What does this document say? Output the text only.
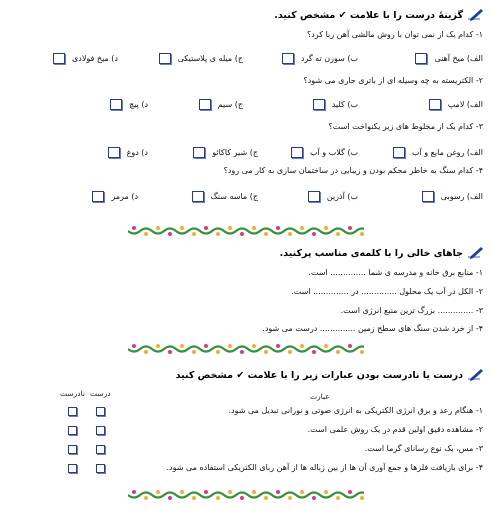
گزینهٔ درست را با علامت ✔ مشخص کنید.
۱- کدام یک از نمی توان با روش مالشی آهن ربا کرد؟
الف) میخ آهنی
ب) سوزن ته گرد
ج) میله ی پلاستیکی
د) میخ فولادی
۲- الکتریسته به چه وسیله ای از باتری جاری می شود؟
الف) لامپ
ب) کلید
ج) سیم
د) پیچ
۳- کدام یک از مخلوط های زیر یکنواخت است؟
الف) روغن مایع و آب
ب) گلاب و آب
ج) شیر کاکائو
د) دوغ
۴- کدام سنگ به خاطر محکم بودن و زیبایی در ساختمان سازی به کار می رود؟
الف) رسوبی
ب) آذرین
ج) ماسه سنگ
د) مرمر
جاهای خالی را با کلمه‌ی مناسب پرکنید.
۱- منابع برق خانه و مدرسه ی شما .............. است.
۲- الکل در آب یک محلول .............. در .............. است.
۳- .............. بزرگ ترین منبع انرژی است.
۴- از خرد شدن سنگ های سطح زمین .............. درست می شود.
درست یا نادرست بودن عبارات زیر را با علامت ✔ مشخص کنید
درست
نادرست	عبارت
۱- هنگام رعد و برق انرژی الکتریکی به انرژی صوتی و نورانی تبدیل می شود.
۲- مشاهده دقیق اولین قدم در یک روش علمی است.
۳- مس، یک نوع رسانای گرما است.
۴- برای بازیافت فلزها و جمع آوری آن ها از بین زباله ها از آهن ربای الکتریکی استفاده می شود.
